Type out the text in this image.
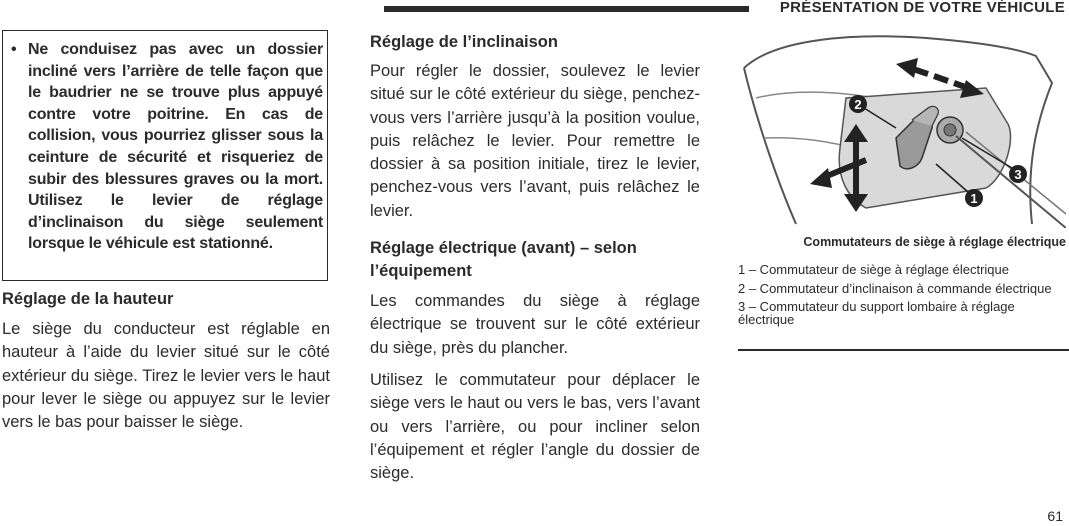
PRÉSENTATION DE VOTRE VÉHICULE
• Ne conduisez pas avec un dossier incliné vers l’arrière de telle façon que le baudrier ne se trouve plus appuyé contre votre poitrine. En cas de collision, vous pourriez glisser sous la ceinture de sécurité et risqueriez de subir des blessures graves ou la mort. Utilisez le levier de réglage d’inclinaison du siège seulement lorsque le véhicule est stationné.
Réglage de la hauteur

Le siège du conducteur est réglable en hauteur à l’aide du levier situé sur le côté extérieur du siège. Tirez le levier vers le haut pour lever le siège ou appuyez sur le levier vers le bas pour baisser le siège.

Réglage de l’inclinaison

Pour régler le dossier, soulevez le levier situé sur le côté extérieur du siège, penchez-vous vers l’arrière jusqu’à la position voulue, puis relâchez le levier. Pour remettre le dossier à sa position initiale, tirez le levier, penchez-vous vers l’avant, puis relâchez le levier.

Réglage électrique (avant) – selon l’équipement

Les commandes du siège à réglage électrique se trouvent sur le côté extérieur du siège, près du plancher.

Utilisez le commutateur pour déplacer le siège vers le haut ou vers le bas, vers l’avant ou vers l’arrière, ou pour incliner selon l’équipement et régler l’angle du dossier de siège.

2
1
3
Commutateurs de siège à réglage électrique
1 – Commutateur de siège à réglage électrique
2 – Commutateur d’inclinaison à commande électrique
3 – Commutateur du support lombaire à réglage électrique
61
